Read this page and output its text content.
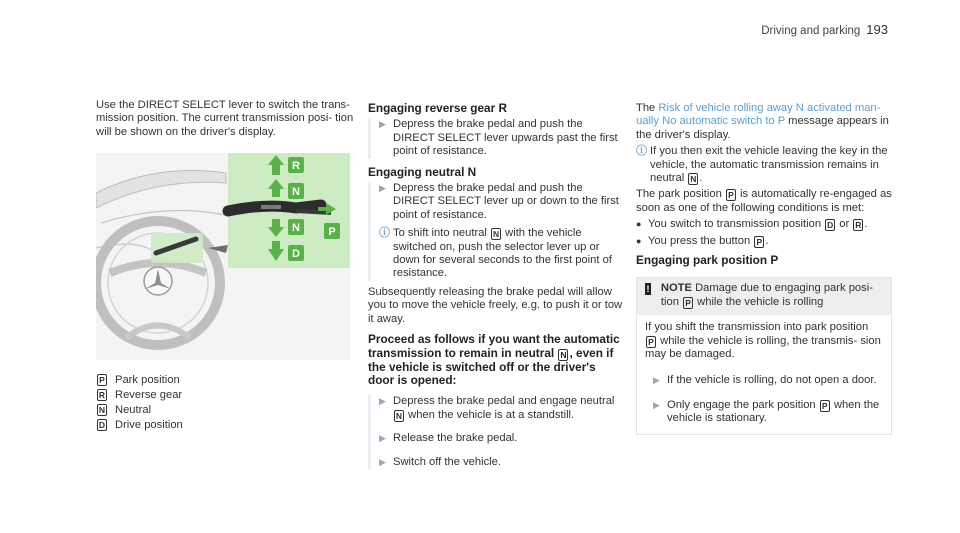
Driving and parking 193

Use the DIRECT SELECT lever to switch the trans- mission position. The current transmission posi- tion will be shown on the driver's display.

R
N
N
D
P
P Park position
R Reverse gear
N Neutral
D Drive position

Engaging reverse gear R

▶ Depress the brake pedal and push the DIRECT SELECT lever upwards past the first point of resistance.

Engaging neutral N

▶ Depress the brake pedal and push the DIRECT SELECT lever up or down to the first point of resistance.
ⓘ To shift into neutral N with the vehicle switched on, push the selector lever up or down for several seconds to the first point of resistance.

Subsequently releasing the brake pedal will allow you to move the vehicle freely, e.g. to push it or tow it away.

Proceed as follows if you want the automatic transmission to remain in neutral N , even if the vehicle is switched off or the driver's door is opened:

▶ Depress the brake pedal and engage neutral N when the vehicle is at a standstill.
▶ Release the brake pedal.
▶ Switch off the vehicle.

The Risk of vehicle rolling away N activated man- ually No automatic switch to P message appears in the driver's display.

ⓘ If you then exit the vehicle leaving the key in the vehicle, the automatic transmission remains in neutral N .

The park position P is automatically re-engaged as soon as one of the following conditions is met:

● You switch to transmission position D or R .
● You press the button P .

Engaging park position P

! NOTE Damage due to engaging park posi- tion P while the vehicle is rolling

If you shift the transmission into park position P while the vehicle is rolling, the transmis- sion may be damaged.

▶ If the vehicle is rolling, do not open a door.
▶ Only engage the park position P when the vehicle is stationary.
